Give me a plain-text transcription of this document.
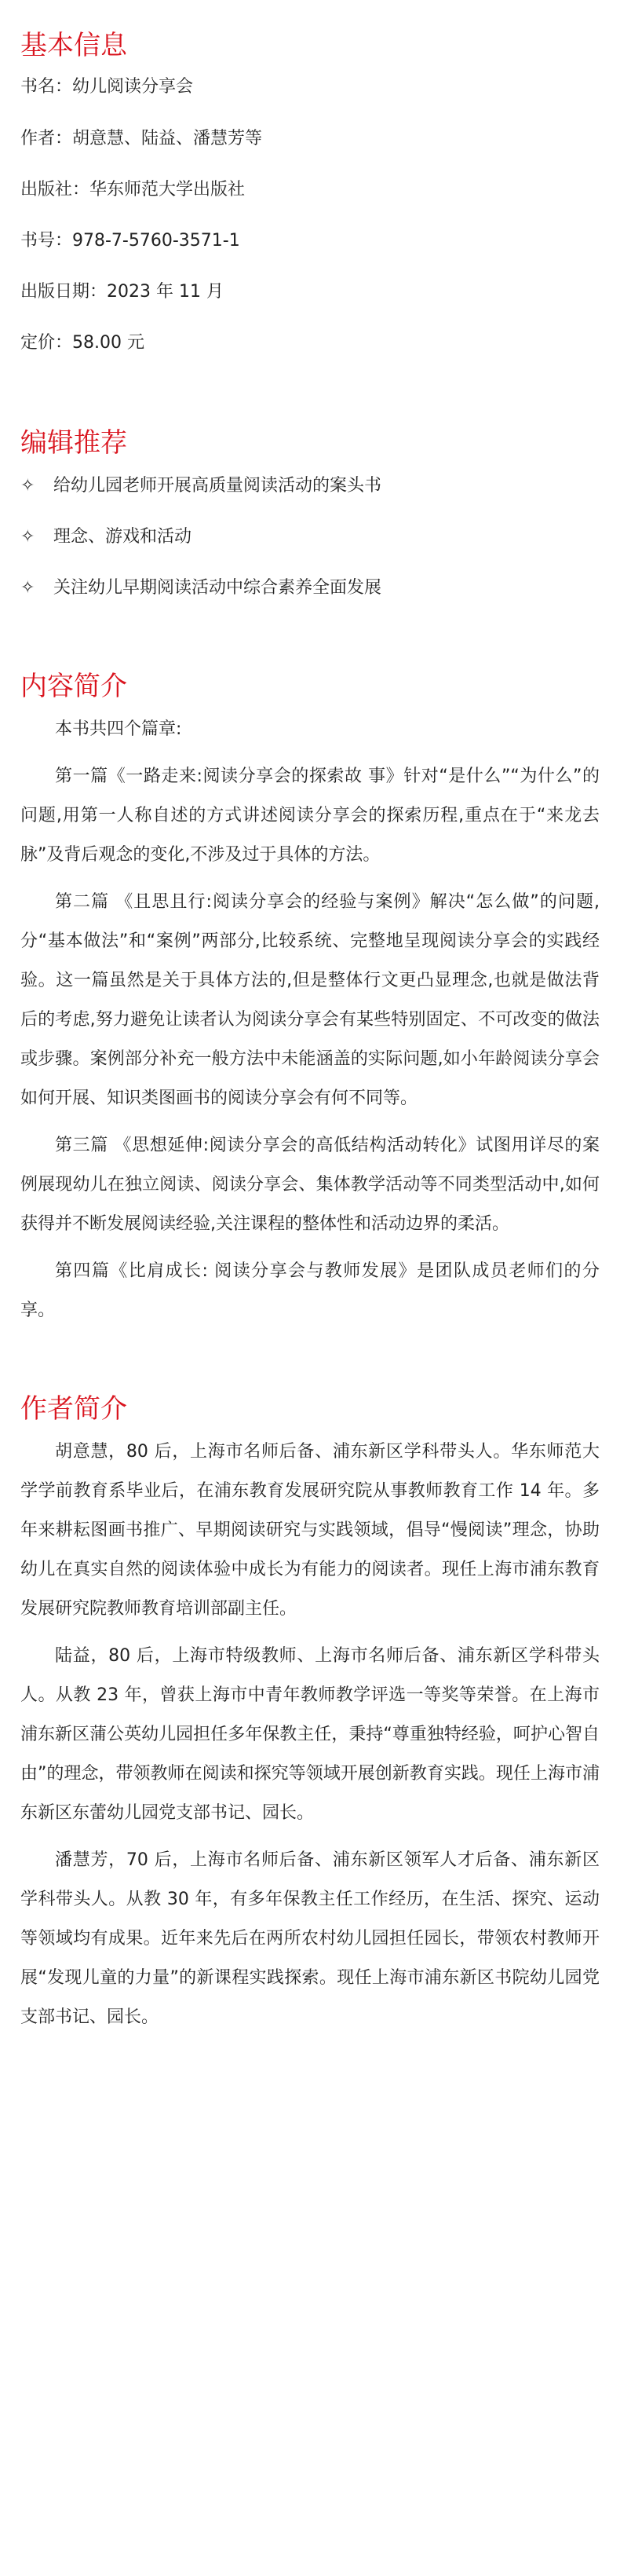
基本信息

书名：幼儿阅读分享会

作者：胡意慧、陆益、潘慧芳等

出版社：华东师范大学出版社

书号：978-7-5760-3571-1

出版日期：2023 年 11 月

定价：58.00 元

编辑推荐
✧	给幼儿园老师开展高质量阅读活动的案头书
✧	理念、游戏和活动
✧	关注幼儿早期阅读活动中综合素养全面发展
内容简介

本书共四个篇章:

第一篇《一路走来:阅读分享会的探索故 事》针对“是什么”“为什么”的问题,用第一人称自述的方式讲述阅读分享会的探索历程,重点在于“来龙去脉”及背后观念的变化,不涉及过于具体的方法。

第二篇 《且思且行:阅读分享会的经验与案例》解决“怎么做”的问题,分“基本做法”和“案例”两部分,比较系统、完整地呈现阅读分享会的实践经验。这一篇虽然是关于具体方法的,但是整体行文更凸显理念,也就是做法背后的考虑,努力避免让读者认为阅读分享会有某些特别固定、不可改变的做法或步骤。案例部分补充一般方法中未能涵盖的实际问题,如小年龄阅读分享会如何开展、知识类图画书的阅读分享会有何不同等。

第三篇 《思想延伸:阅读分享会的高低结构活动转化》试图用详尽的案例展现幼儿在独立阅读、阅读分享会、集体教学活动等不同类型活动中,如何 获得并不断发展阅读经验,关注课程的整体性和活动边界的柔活。

第四篇《比肩成长: 阅读分享会与教师发展》是团队成员老师们的分享。

作者简介

胡意慧，80 后，上海市名师后备、浦东新区学科带头人。华东师范大学学前教育系毕业后，在浦东教育发展研究院从事教师教育工作 14 年。多年来耕耘图画书推广、早期阅读研究与实践领域，倡导“慢阅读”理念，协助幼儿在真实自然的阅读体验中成长为有能力的阅读者。现任上海市浦东教育发展研究院教师教育培训部副主任。

陆益，80 后，上海市特级教师、上海市名师后备、浦东新区学科带头人。从教 23 年，曾获上海市中青年教师教学评选一等奖等荣誉。在上海市浦东新区蒲公英幼儿园担任多年保教主任，秉持“尊重独特经验，呵护心智自由”的理念，带领教师在阅读和探究等领域开展创新教育实践。现任上海市浦东新区东蕾幼儿园党支部书记、园长。

潘慧芳，70 后，上海市名师后备、浦东新区领军人才后备、浦东新区学科带头人。从教 30 年，有多年保教主任工作经历，在生活、探究、运动等领域均有成果。近年来先后在两所农村幼儿园担任园长，带领农村教师开展“发现儿童的力量”的新课程实践探索。现任上海市浦东新区书院幼儿园党支部书记、园长。
